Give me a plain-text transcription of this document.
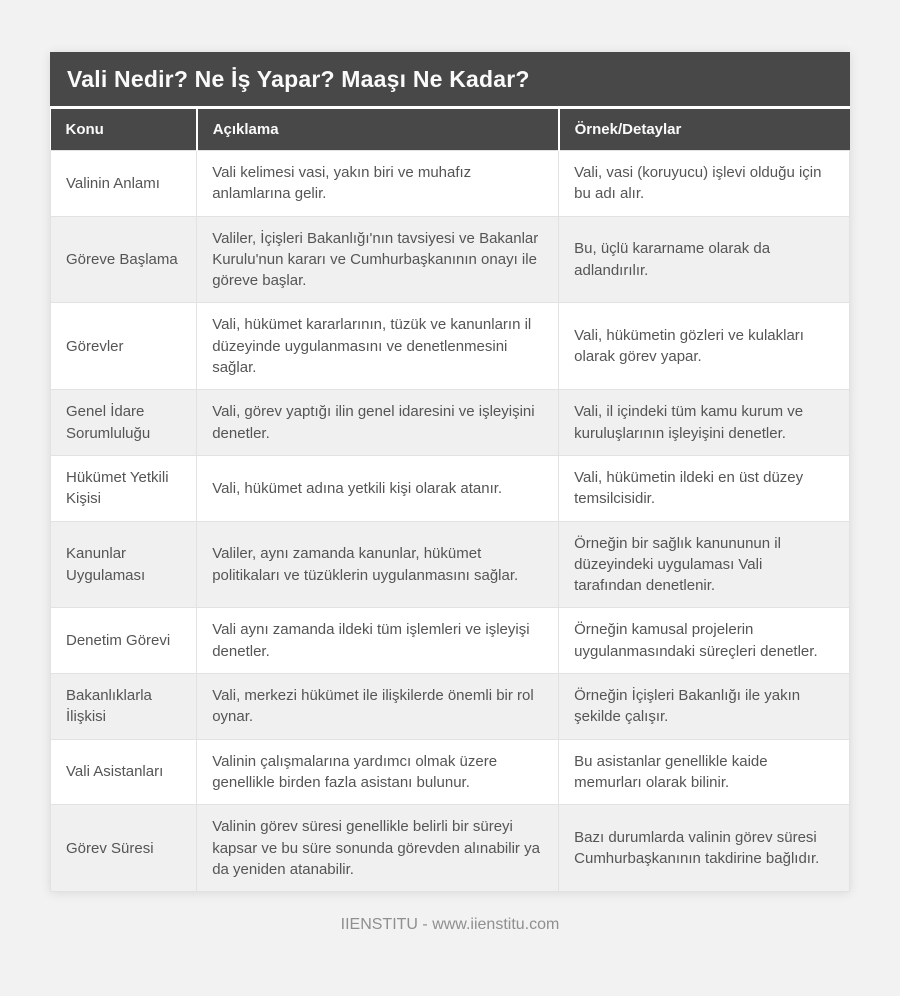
Vali Nedir? Ne İş Yapar? Maaşı Ne Kadar?
Konu	Açıklama	Örnek/Detaylar
Valinin Anlamı	Vali kelimesi vasi, yakın biri ve muhafız anlamlarına gelir.	Vali, vasi (koruyucu) işlevi olduğu için bu adı alır.
Göreve Başlama	Valiler, İçişleri Bakanlığı'nın tavsiyesi ve Bakanlar Kurulu'nun kararı ve Cumhurbaşkanının onayı ile göreve başlar.	Bu, üçlü kararname olarak da adlandırılır.
Görevler	Vali, hükümet kararlarının, tüzük ve kanunların il düzeyinde uygulanmasını ve denetlenmesini sağlar.	Vali, hükümetin gözleri ve kulakları olarak görev yapar.
Genel İdare Sorumluluğu	Vali, görev yaptığı ilin genel idaresini ve işleyişini denetler.	Vali, il içindeki tüm kamu kurum ve kuruluşlarının işleyişini denetler.
Hükümet Yetkili Kişisi	Vali, hükümet adına yetkili kişi olarak atanır.	Vali, hükümetin ildeki en üst düzey temsilcisidir.
Kanunlar Uygulaması	Valiler, aynı zamanda kanunlar, hükümet politikaları ve tüzüklerin uygulanmasını sağlar.	Örneğin bir sağlık kanununun il düzeyindeki uygulaması Vali tarafından denetlenir.
Denetim Görevi	Vali aynı zamanda ildeki tüm işlemleri ve işleyişi denetler.	Örneğin kamusal projelerin uygulanmasındaki süreçleri denetler.
Bakanlıklarla İlişkisi	Vali, merkezi hükümet ile ilişkilerde önemli bir rol oynar.	Örneğin İçişleri Bakanlığı ile yakın şekilde çalışır.
Vali Asistanları	Valinin çalışmalarına yardımcı olmak üzere genellikle birden fazla asistanı bulunur.	Bu asistanlar genellikle kaide memurları olarak bilinir.
Görev Süresi	Valinin görev süresi genellikle belirli bir süreyi kapsar ve bu süre sonunda görevden alınabilir ya da yeniden atanabilir.	Bazı durumlarda valinin görev süresi Cumhurbaşkanının takdirine bağlıdır.
IIENSTITU - www.iienstitu.com
